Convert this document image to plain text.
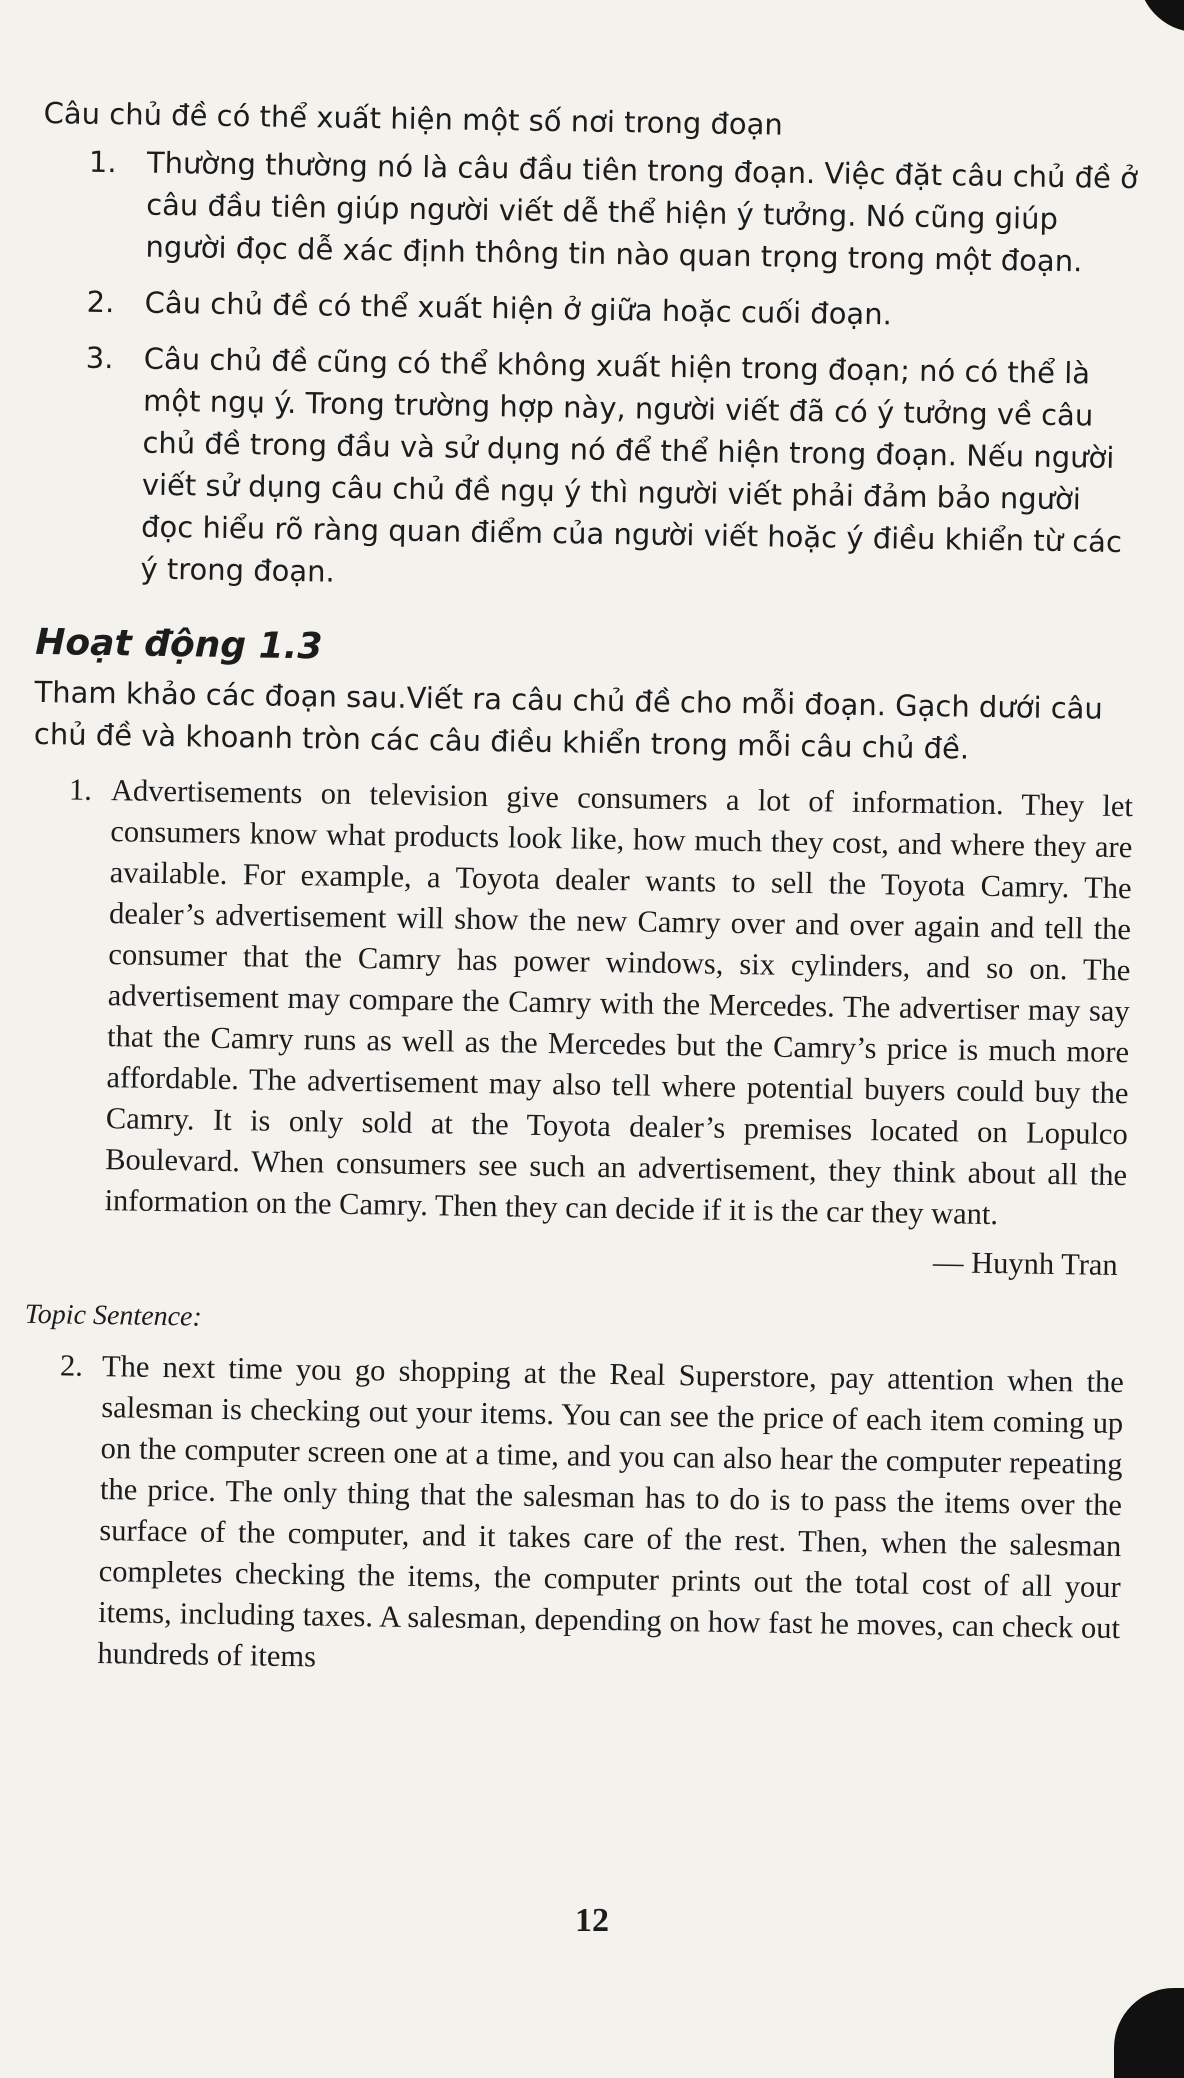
Câu chủ đề có thể xuất hiện một số nơi trong đoạn

1. Thường thường nó là câu đầu tiên trong đoạn. Việc đặt câu chủ đề ở câu đầu tiên giúp người viết dễ thể hiện ý tưởng. Nó cũng giúp người đọc dễ xác định thông tin nào quan trọng trong một đoạn.
2. Câu chủ đề có thể xuất hiện ở giữa hoặc cuối đoạn.
3. Câu chủ đề cũng có thể không xuất hiện trong đoạn; nó có thể là một ngụ ý. Trong trường hợp này, người viết đã có ý tưởng về câu chủ đề trong đầu và sử dụng nó để thể hiện trong đoạn. Nếu người viết sử dụng câu chủ đề ngụ ý thì người viết phải đảm bảo người đọc hiểu rõ ràng quan điểm của người viết hoặc ý điều khiển từ các ý trong đoạn.
Hoạt động 1.3

Tham khảo các đoạn sau.Viết ra câu chủ đề cho mỗi đoạn. Gạch dưới câu chủ đề và khoanh tròn các câu điều khiển trong mỗi câu chủ đề.

1. Advertisements on television give consumers a lot of information. They let consumers know what products look like, how much they cost, and where they are available. For example, a Toyota dealer wants to sell the Toyota Camry. The dealer’s advertisement will show the new Camry over and over again and tell the consumer that the Camry has power windows, six cylinders, and so on. The advertisement may compare the Camry with the Mercedes. The advertiser may say that the Camry runs as well as the Mercedes but the Camry’s price is much more affordable. The advertisement may also tell where potential buyers could buy the Camry. It is only sold at the Toyota dealer’s premises located on Lopulco Boulevard. When consumers see such an advertisement, they think about all the information on the Camry. Then they can decide if it is the car they want.

— Huynh Tran

Topic Sentence:

2. The next time you go shopping at the Real Superstore, pay attention when the salesman is checking out your items. You can see the price of each item coming up on the computer screen one at a time, and you can also hear the computer repeating the price. The only thing that the salesman has to do is to pass the items over the surface of the computer, and it takes care of the rest. Then, when the salesman completes checking the items, the computer prints out the total cost of all your items, including taxes. A salesman, depending on how fast he moves, can check out hundreds of items
12
